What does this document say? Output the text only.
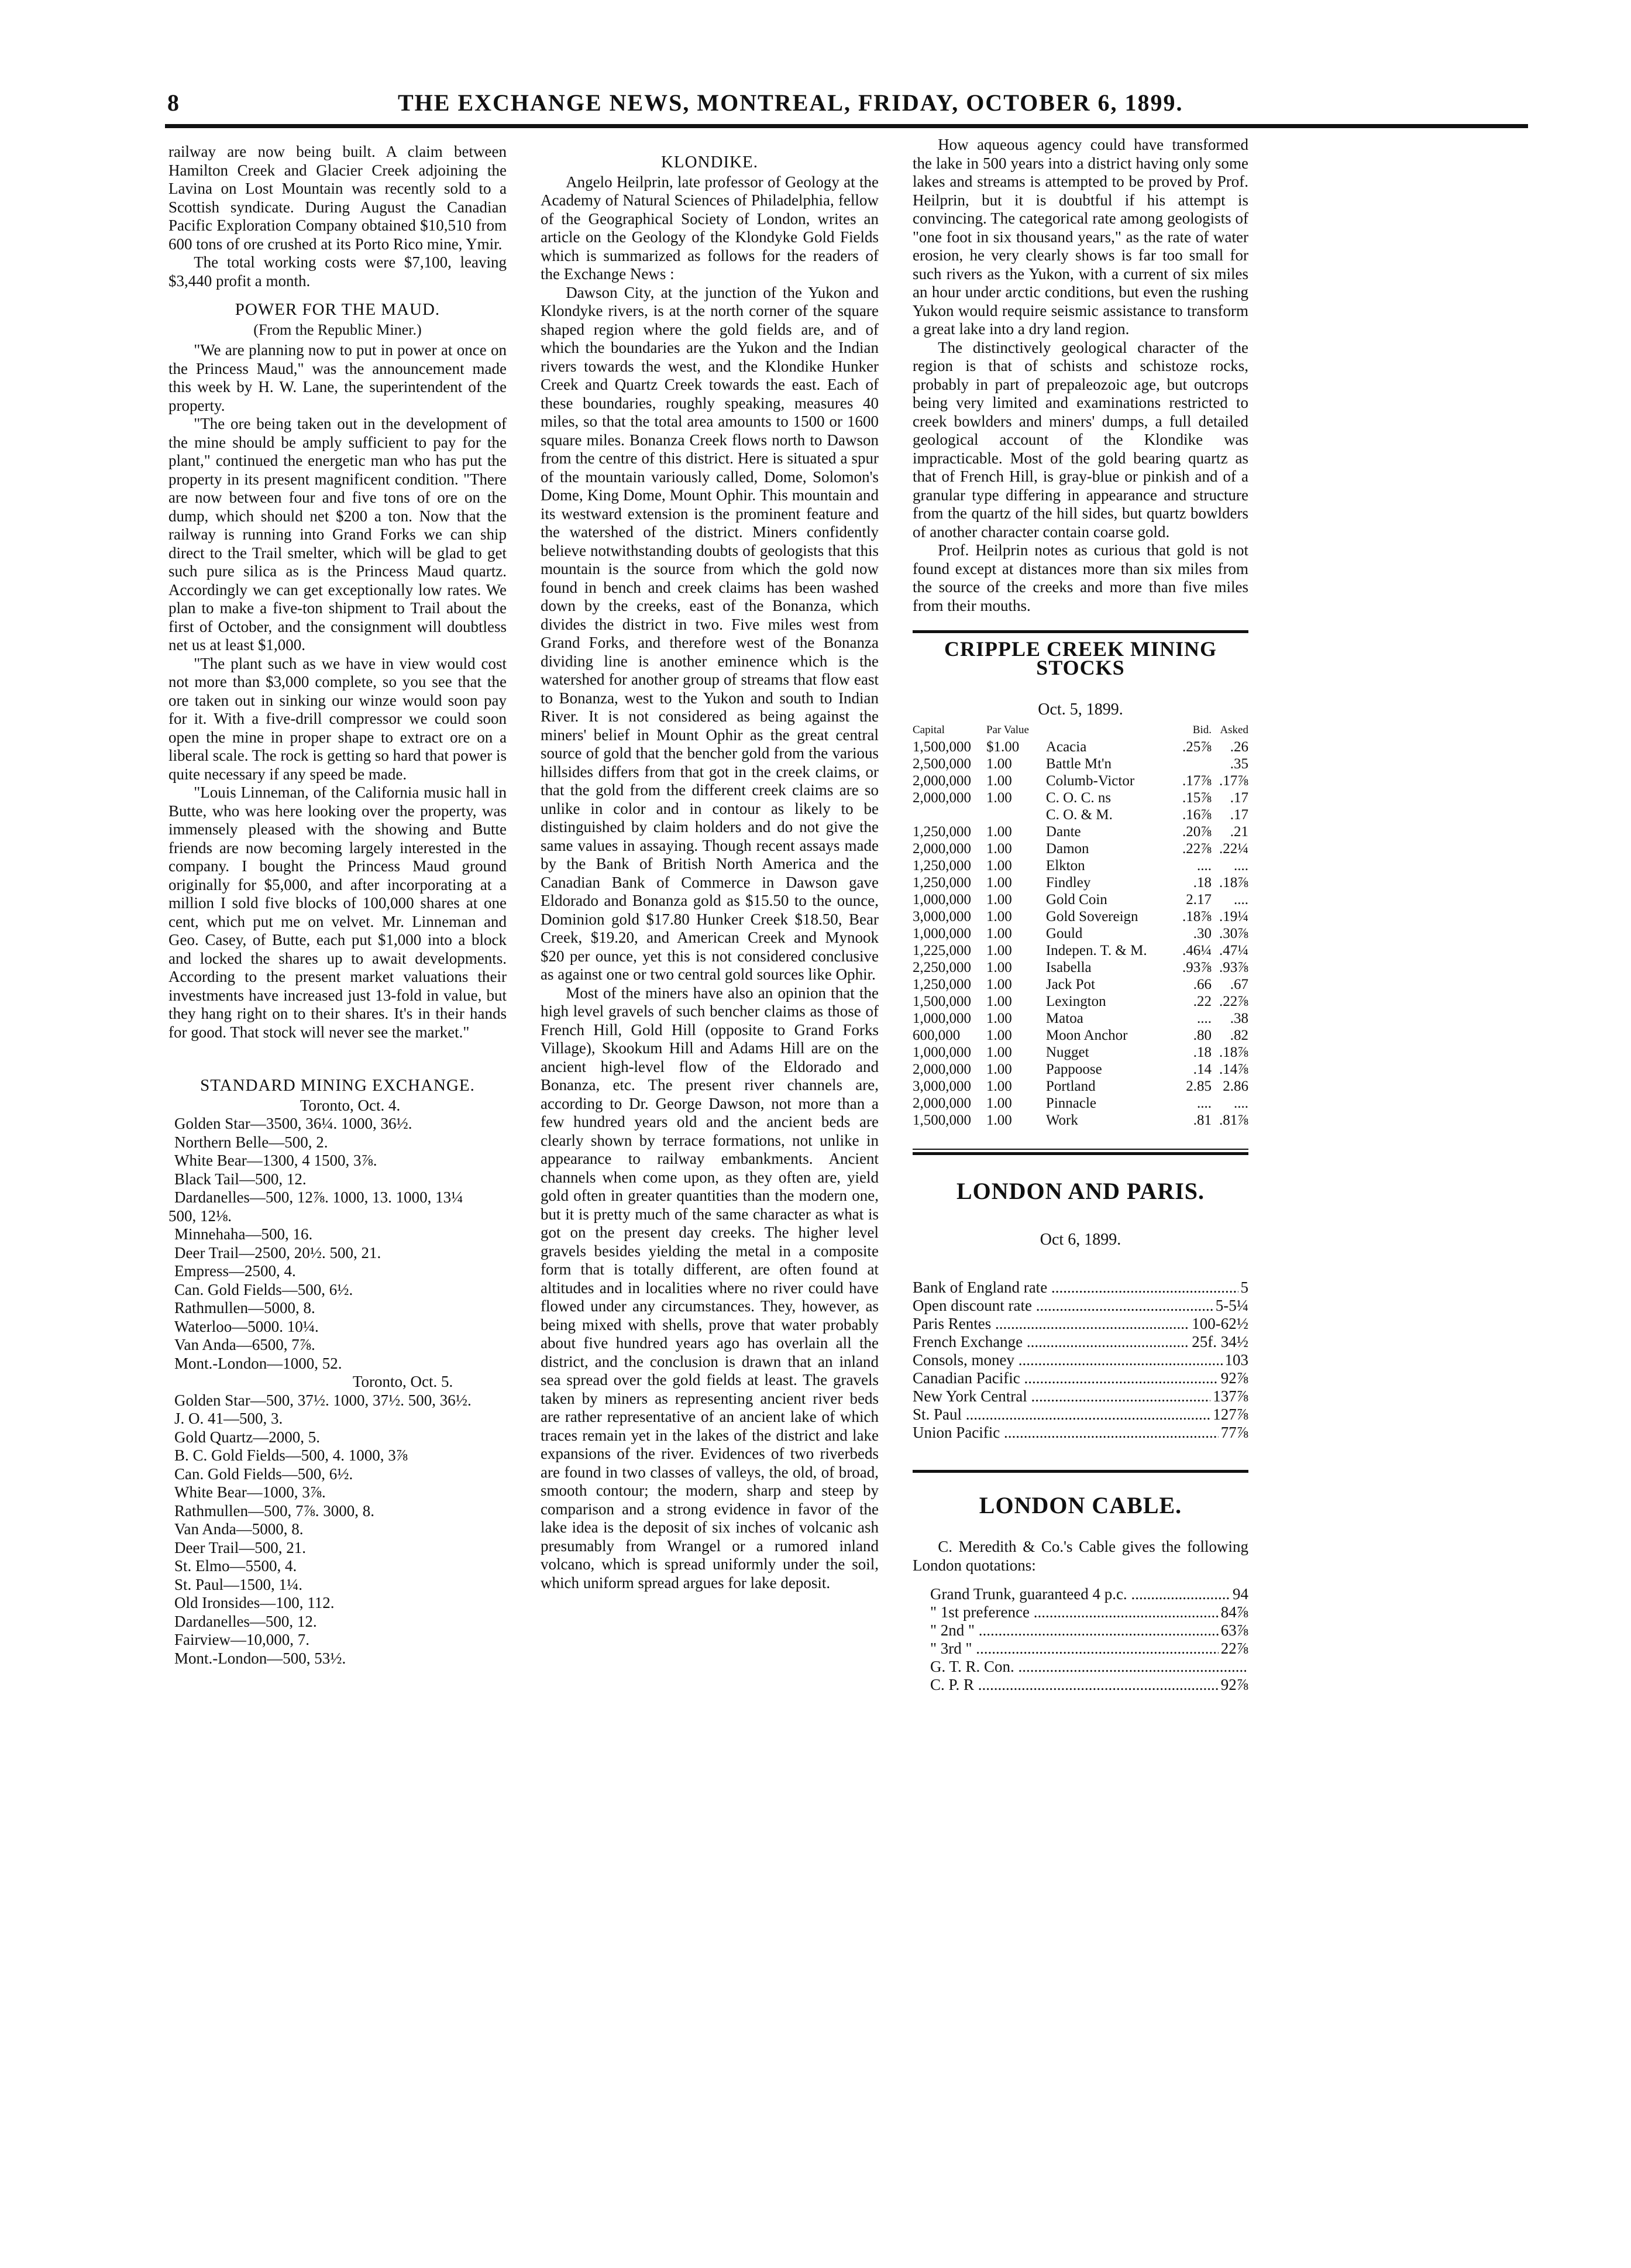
8	THE EXCHANGE NEWS, MONTREAL, FRIDAY, OCTOBER 6, 1899.

railway are now being built. A claim between Hamilton Creek and Glacier Creek adjoining the Lavina on Lost Mountain was recently sold to a Scottish syndicate. During August the Canadian Pacific Exploration Company obtained $10,510 from 600 tons of ore crushed at its Porto Rico mine, Ymir.

The total working costs were $7,100, leaving $3,440 profit a month.

POWER FOR THE MAUD.
(From the Republic Miner.)

"We are planning now to put in power at once on the Princess Maud," was the announcement made this week by H. W. Lane, the superintendent of the property.

"The ore being taken out in the development of the mine should be amply sufficient to pay for the plant," continued the energetic man who has put the property in its present magnificent condition. "There are now between four and five tons of ore on the dump, which should net $200 a ton. Now that the railway is running into Grand Forks we can ship direct to the Trail smelter, which will be glad to get such pure silica as is the Princess Maud quartz. Accordingly we can get exceptionally low rates. We plan to make a five-ton shipment to Trail about the first of October, and the consignment will doubtless net us at least $1,000.

"The plant such as we have in view would cost not more than $3,000 complete, so you see that the ore taken out in sinking our winze would soon pay for it. With a five-drill compressor we could soon open the mine in proper shape to extract ore on a liberal scale. The rock is getting so hard that power is quite necessary if any speed be made.

"Louis Linneman, of the California music hall in Butte, who was here looking over the property, was immensely pleased with the showing and Butte friends are now becoming largely interested in the company. I bought the Princess Maud ground originally for $5,000, and after incorporating at a million I sold five blocks of 100,000 shares at one cent, which put me on velvet. Mr. Linneman and Geo. Casey, of Butte, each put $1,000 into a block and locked the shares up to await developments. According to the present market valuations their investments have increased just 13-fold in value, but they hang right on to their shares. It's in their hands for good. That stock will never see the market."

STANDARD MINING EXCHANGE.

Toronto, Oct. 4.

Golden Star—3500, 36¼. 1000, 36½.

Northern Belle—500, 2.

White Bear—1300, 4 1500, 3⅞.

Black Tail—500, 12.

Dardanelles—500, 12⅞. 1000, 13. 1000, 13¼

500, 12⅛.

Minnehaha—500, 16.

Deer Trail—2500, 20½. 500, 21.

Empress—2500, 4.

Can. Gold Fields—500, 6½.

Rathmullen—5000, 8.

Waterloo—5000. 10¼.

Van Anda—6500, 7⅞.

Mont.-London—1000, 52.

Toronto, Oct. 5.

Golden Star—500, 37½. 1000, 37½. 500, 36½.

J. O. 41—500, 3.

Gold Quartz—2000, 5.

B. C. Gold Fields—500, 4. 1000, 3⅞

Can. Gold Fields—500, 6½.

White Bear—1000, 3⅞.

Rathmullen—500, 7⅞. 3000, 8.

Van Anda—5000, 8.

Deer Trail—500, 21.

St. Elmo—5500, 4.

St. Paul—1500, 1¼.

Old Ironsides—100, 112.

Dardanelles—500, 12.

Fairview—10,000, 7.

Mont.-London—500, 53½.

KLONDIKE.

Angelo Heilprin, late professor of Geology at the Academy of Natural Sciences of Philadelphia, fellow of the Geographical Society of London, writes an article on the Geology of the Klondyke Gold Fields which is summarized as follows for the readers of the Exchange News :

Dawson City, at the junction of the Yukon and Klondyke rivers, is at the north corner of the square shaped region where the gold fields are, and of which the boundaries are the Yukon and the Indian rivers towards the west, and the Klondike Hunker Creek and Quartz Creek towards the east. Each of these boundaries, roughly speaking, measures 40 miles, so that the total area amounts to 1500 or 1600 square miles. Bonanza Creek flows north to Dawson from the centre of this district. Here is situated a spur of the mountain variously called, Dome, Solomon's Dome, King Dome, Mount Ophir. This mountain and its westward extension is the prominent feature and the watershed of the district. Miners confidently believe notwithstanding doubts of geologists that this mountain is the source from which the gold now found in bench and creek claims has been washed down by the creeks, east of the Bonanza, which divides the district in two. Five miles west from Grand Forks, and therefore west of the Bonanza dividing line is another eminence which is the watershed for another group of streams that flow east to Bonanza, west to the Yukon and south to Indian River. It is not considered as being against the miners' belief in Mount Ophir as the great central source of gold that the bencher gold from the various hillsides differs from that got in the creek claims, or that the gold from the different creek claims are so unlike in color and in contour as likely to be distinguished by claim holders and do not give the same values in assaying. Though recent assays made by the Bank of British North America and the Canadian Bank of Commerce in Dawson gave Eldorado and Bonanza gold as $15.50 to the ounce, Dominion gold $17.80 Hunker Creek $18.50, Bear Creek, $19.20, and American Creek and Mynook $20 per ounce, yet this is not considered conclusive as against one or two central gold sources like Ophir.

Most of the miners have also an opinion that the high level gravels of such bencher claims as those of French Hill, Gold Hill (opposite to Grand Forks Village), Skookum Hill and Adams Hill are on the ancient high-level flow of the Eldorado and Bonanza, etc. The present river channels are, according to Dr. George Dawson, not more than a few hundred years old and the ancient beds are clearly shown by terrace formations, not unlike in appearance to railway embankments. Ancient channels when come upon, as they often are, yield gold often in greater quantities than the modern one, but it is pretty much of the same character as what is got on the present day creeks. The higher level gravels besides yielding the metal in a composite form that is totally different, are often found at altitudes and in localities where no river could have flowed under any circumstances. They, however, as being mixed with shells, prove that water probably about five hundred years ago has overlain all the district, and the conclusion is drawn that an inland sea spread over the gold fields at least. The gravels taken by miners as representing ancient river beds are rather representative of an ancient lake of which traces remain yet in the lakes of the district and lake expansions of the river. Evidences of two riverbeds are found in two classes of valleys, the old, of broad, smooth contour; the modern, sharp and steep by comparison and a strong evidence in favor of the lake idea is the deposit of six inches of volcanic ash presumably from Wrangel or a rumored inland volcano, which is spread uniformly under the soil, which uniform spread argues for lake deposit.

How aqueous agency could have transformed the lake in 500 years into a district having only some lakes and streams is attempted to be proved by Prof. Heilprin, but it is doubtful if his attempt is convincing. The categorical rate among geologists of "one foot in six thousand years," as the rate of water erosion, he very clearly shows is far too small for such rivers as the Yukon, with a current of six miles an hour under arctic conditions, but even the rushing Yukon would require seismic assistance to transform a great lake into a dry land region.

The distinctively geological character of the region is that of schists and schistoze rocks, probably in part of prepaleozoic age, but outcrops being very limited and examinations restricted to creek bowlders and miners' dumps, a full detailed geological account of the Klondike was impracticable. Most of the gold bearing quartz as that of French Hill, is gray-blue or pinkish and of a granular type differing in appearance and structure from the quartz of the hill sides, but quartz bowlders of another character contain coarse gold.

Prof. Heilprin notes as curious that gold is not found except at distances more than six miles from the source of the creeks and more than five miles from their mouths.

CRIPPLE CREEK MINING STOCKS
Oct. 5, 1899.
Capital	Par Value		Bid.	Asked
1,500,000	$1.00	Acacia	.25⅞	.26
2,500,000	1.00	Battle Mt'n		.35
2,000,000	1.00	Columb-Victor	.17⅞	.17⅞
2,000,000	1.00	C. O. C. ns	.15⅞	.17
		C. O. & M.	.16⅞	.17
1,250,000	1.00	Dante	.20⅞	.21
2,000,000	1.00	Damon	.22⅞	.22¼
1,250,000	1.00	Elkton	....	....
1,250,000	1.00	Findley	.18	.18⅞
1,000,000	1.00	Gold Coin	2.17	....
3,000,000	1.00	Gold Sovereign	.18⅞	.19¼
1,000,000	1.00	Gould	.30	.30⅞
1,225,000	1.00	Indepen. T. & M.	.46¼	.47¼
2,250,000	1.00	Isabella	.93⅞	.93⅞
1,250,000	1.00	Jack Pot	.66	.67
1,500,000	1.00	Lexington	.22	.22⅞
1,000,000	1.00	Matoa	....	.38
600,000	1.00	Moon Anchor	.80	.82
1,000,000	1.00	Nugget	.18	.18⅞
2,000,000	1.00	Pappoose	.14	.14⅞
3,000,000	1.00	Portland	2.85	2.86
2,000,000	1.00	Pinnacle	....	....
1,500,000	1.00	Work	.81	.81⅞
LONDON AND PARIS.
Oct 6, 1899.
Bank of England rate .....	5
Open discount rate .....	5-5¼
Paris Rentes .....	100-62½
French Exchange .....	25f. 34½
Consols, money .....	103
Canadian Pacific .....	92⅞
New York Central .....	137⅞
St. Paul .....	127⅞
Union Pacific .....	77⅞
LONDON CABLE.

C. Meredith & Co.'s Cable gives the following London quotations:

Grand Trunk, guaranteed 4 p.c. .....	94
" 1st preference .....	84⅞
" 2nd " .....	63⅞
" 3rd " .....	22⅞
G. T. R. Con. .....
C. P. R .....	92⅞
